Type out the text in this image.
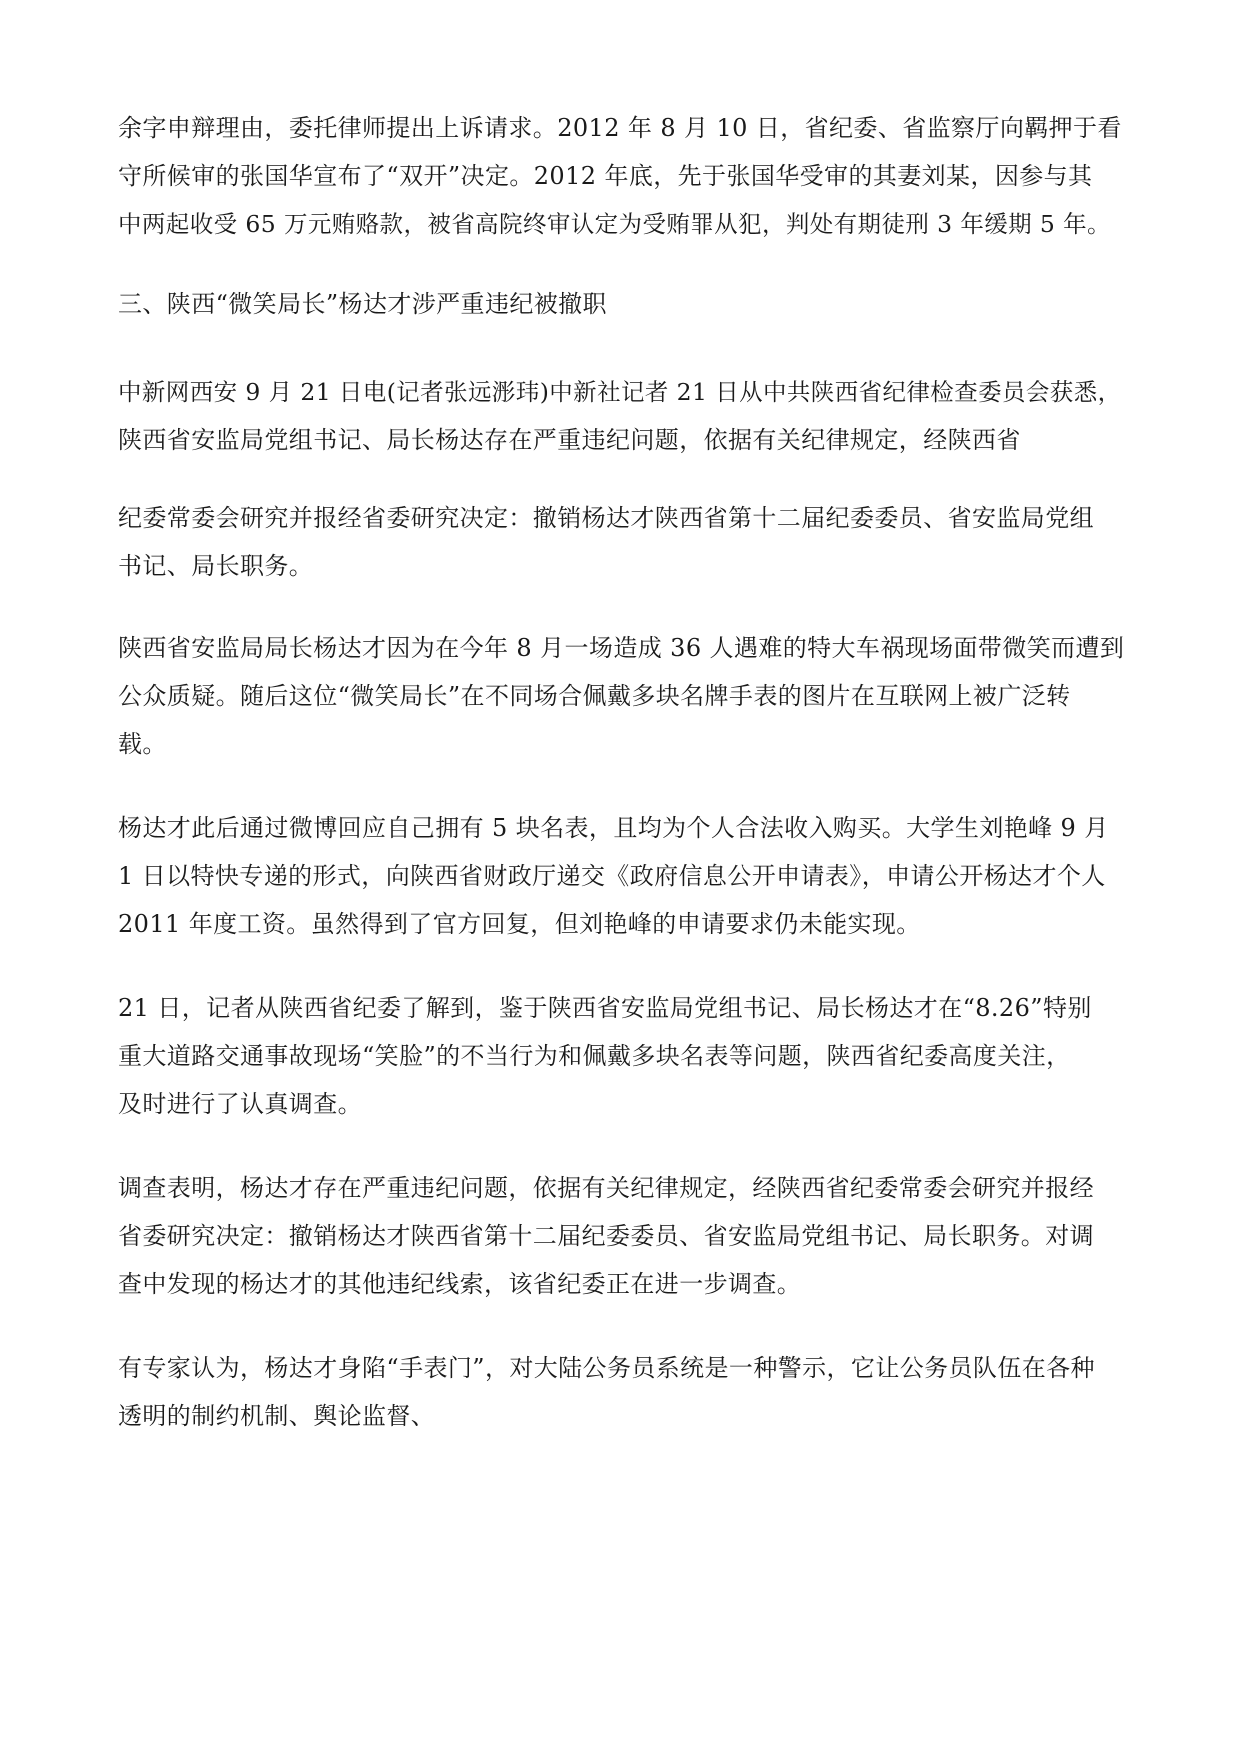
余字申辩理由，委托律师提出上诉请求。2012 年 8 月 10 日，省纪委、省监察厅向羁押于看
守所候审的张国华宣布了“双开”决定。2012 年底，先于张国华受审的其妻刘某，因参与其
中两起收受 65 万元贿赂款，被省高院终审认定为受贿罪从犯，判处有期徒刑 3 年缓期 5 年。

三、陕西“微笑局长”杨达才涉严重违纪被撤职

中新网西安 9 月 21 日电(记者张远浵玮)中新社记者 21 日从中共陕西省纪律检查委员会获悉，
陕西省安监局党组书记、局长杨达存在严重违纪问题，依据有关纪律规定，经陕西省

纪委常委会研究并报经省委研究决定：撤销杨达才陕西省第十二届纪委委员、省安监局党组
书记、局长职务。

陕西省安监局局长杨达才因为在今年 8 月一场造成 36 人遇难的特大车祸现场面带微笑而遭到
公众质疑。随后这位“微笑局长”在不同场合佩戴多块名牌手表的图片在互联网上被广泛转
载。

杨达才此后通过微博回应自己拥有 5 块名表，且均为个人合法收入购买。大学生刘艳峰 9 月
1 日以特快专递的形式，向陕西省财政厅递交《政府信息公开申请表》，申请公开杨达才个人
2011 年度工资。虽然得到了官方回复，但刘艳峰的申请要求仍未能实现。

21 日，记者从陕西省纪委了解到，鉴于陕西省安监局党组书记、局长杨达才在“8.26”特别
重大道路交通事故现场“笑脸”的不当行为和佩戴多块名表等问题，陕西省纪委高度关注，
及时进行了认真调查。

调查表明，杨达才存在严重违纪问题，依据有关纪律规定，经陕西省纪委常委会研究并报经
省委研究决定：撤销杨达才陕西省第十二届纪委委员、省安监局党组书记、局长职务。对调
查中发现的杨达才的其他违纪线索，该省纪委正在进一步调查。

有专家认为，杨达才身陷“手表门”，对大陆公务员系统是一种警示，它让公务员队伍在各种
透明的制约机制、舆论监督、
